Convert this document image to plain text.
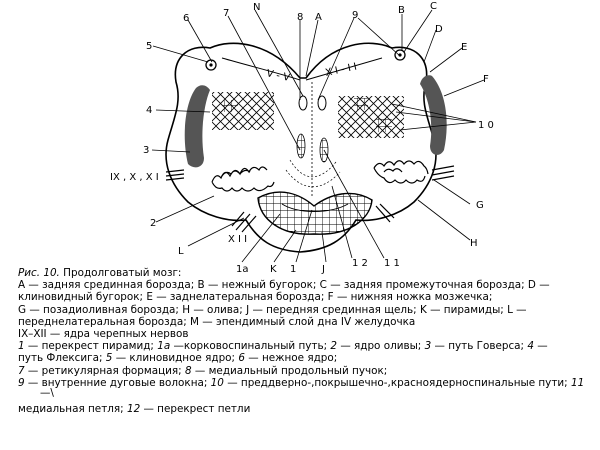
5
6	7
N
8 A	9	B	C
D
E
F
1 0
4
3
IX , X , X I
G
2
X I I	H
L
1 2 1 1
1a K 1	J
V - V	X I - I I
Рис. 10. Продолговатый мозг:
A — задняя срединная борозда; B — нежный бугорок; C — задняя промежуточная борозда; D —
клиновидный бугорок; E — заднелатеральная борозда; F — нижняя ножка мозжечка;
G — позадиоливная борозда; H — олива; J — передняя срединная щель; K — пирамиды; L —
переднелатеральная борозда; M — эпендимный слой дна IV желудочка
IX–XII — ядра черепных нервов
1 — перекрест пирамид; 1a —корковоспинальный путь; 2 — ядро оливы; 3 — путь Говерса; 4 —
путь Флексига; 5 — клиновидное ядро; 6 — нежное ядро;
7 — ретикулярная формация; 8 — медиальный продольный пучок;
9 — внутренние дуговые волокна; 10 — преддверно-,покрышечно-,красноядерноспинальные пути; 11
—\
медиальная петля; 12 — перекрест петли
